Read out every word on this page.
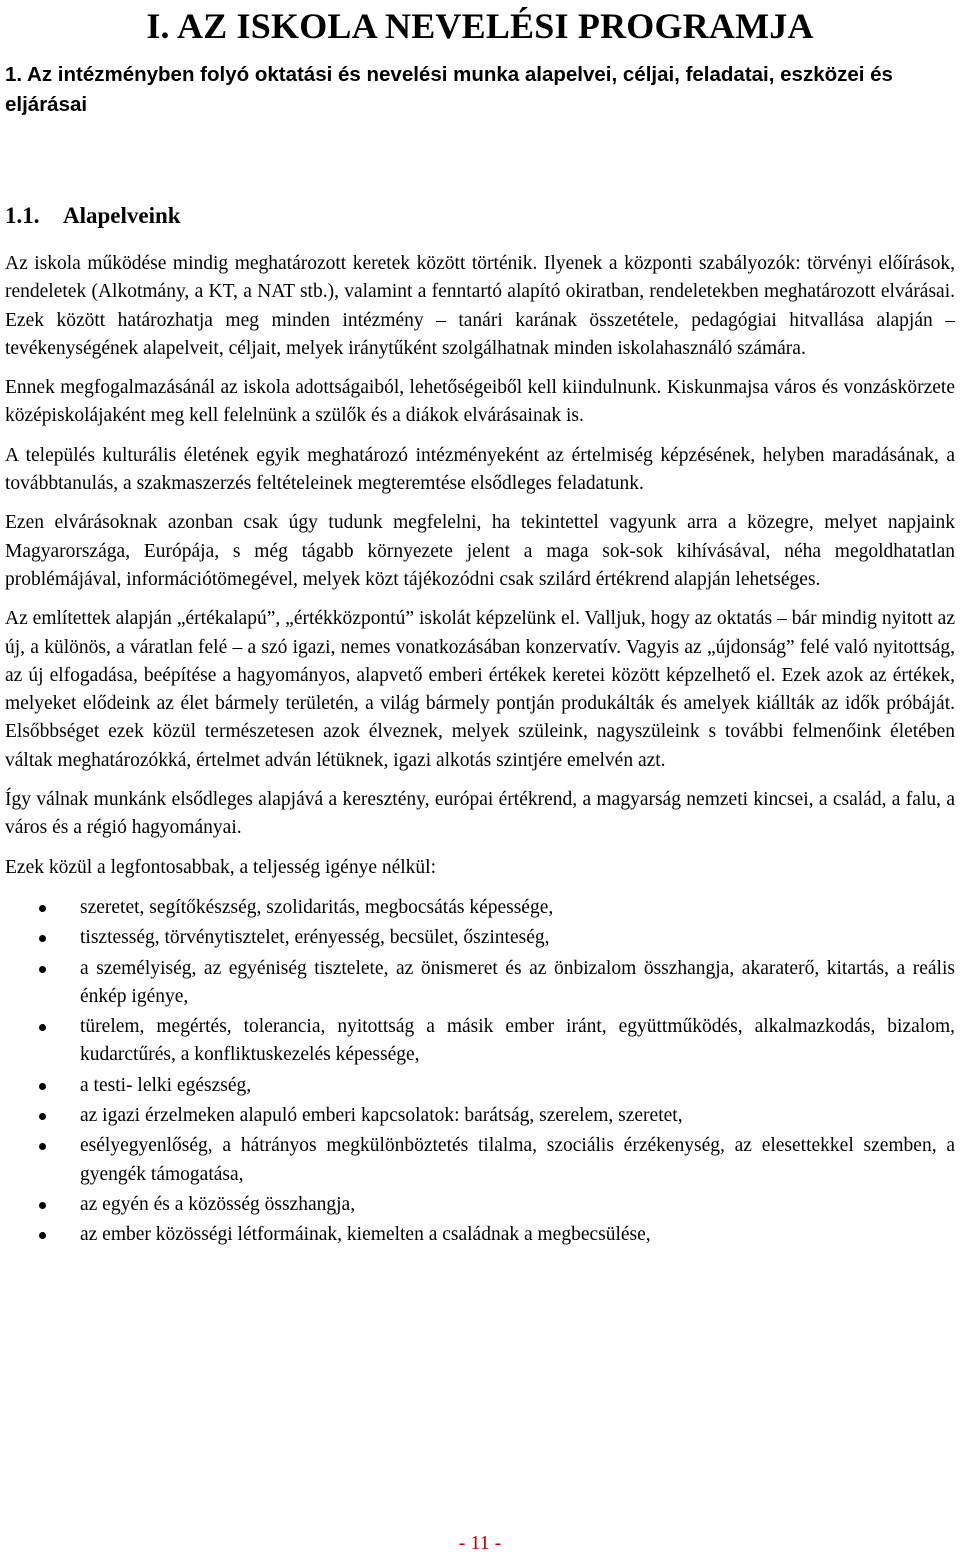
I. AZ ISKOLA NEVELÉSI PROGRAMJA
1. Az intézményben folyó oktatási és nevelési munka alapelvei, céljai, feladatai, eszközei és eljárásai
1.1. Alapelveink

Az iskola működése mindig meghatározott keretek között történik. Ilyenek a központi szabályozók: törvényi előírások, rendeletek (Alkotmány, a KT, a NAT stb.), valamint a fenntartó alapító okiratban, rendeletekben meghatározott elvárásai. Ezek között határozhatja meg minden intézmény – tanári karának összetétele, pedagógiai hitvallása alapján – tevékenységének alapelveit, céljait, melyek iránytűként szolgálhatnak minden iskolahasználó számára.

Ennek megfogalmazásánál az iskola adottságaiból, lehetőségeiből kell kiindulnunk. Kiskunmajsa város és vonzáskörzete középiskolájaként meg kell felelnünk a szülők és a diákok elvárásainak is.

A település kulturális életének egyik meghatározó intézményeként az értelmiség képzésének, helyben maradásának, a továbbtanulás, a szakmaszerzés feltételeinek megteremtése elsődleges feladatunk.

Ezen elvárásoknak azonban csak úgy tudunk megfelelni, ha tekintettel vagyunk arra a közegre, melyet napjaink Magyarországa, Európája, s még tágabb környezete jelent a maga sok-sok kihívásával, néha megoldhatatlan problémájával, információtömegével, melyek közt tájékozódni csak szilárd értékrend alapján lehetséges.

Az említettek alapján „értékalapú”, „értékközpontú” iskolát képzelünk el. Valljuk, hogy az oktatás – bár mindig nyitott az új, a különös, a váratlan felé – a szó igazi, nemes vonatkozásában konzervatív. Vagyis az „újdonság” felé való nyitottság, az új elfogadása, beépítése a hagyományos, alapvető emberi értékek keretei között képzelhető el. Ezek azok az értékek, melyeket elődeink az élet bármely területén, a világ bármely pontján produkálták és amelyek kiállták az idők próbáját. Elsőbbséget ezek közül természetesen azok élveznek, melyek szüleink, nagyszüleink s további felmenőink életében váltak meghatározókká, értelmet adván létüknek, igazi alkotás szintjére emelvén azt.

Így válnak munkánk elsődleges alapjává a keresztény, európai értékrend, a magyarság nemzeti kincsei, a család, a falu, a város és a régió hagyományai.

Ezek közül a legfontosabbak, a teljesség igénye nélkül:

szeretet, segítőkészség, szolidaritás, megbocsátás képessége,
tisztesség, törvénytisztelet, erényesség, becsület, őszinteség,
a személyiség, az egyéniség tisztelete, az önismeret és az önbizalom összhangja, akaraterő, kitartás, a reális énkép igénye,
türelem, megértés, tolerancia, nyitottság a másik ember iránt, együttműködés, alkalmazkodás, bizalom, kudarctűrés, a konfliktuskezelés képessége,
a testi- lelki egészség,
az igazi érzelmeken alapuló emberi kapcsolatok: barátság, szerelem, szeretet,
esélyegyenlőség, a hátrányos megkülönböztetés tilalma, szociális érzékenység, az elesettekkel szemben, a gyengék támogatása,
az egyén és a közösség összhangja,
az ember közösségi létformáinak, kiemelten a családnak a megbecsülése,
- 11 -
